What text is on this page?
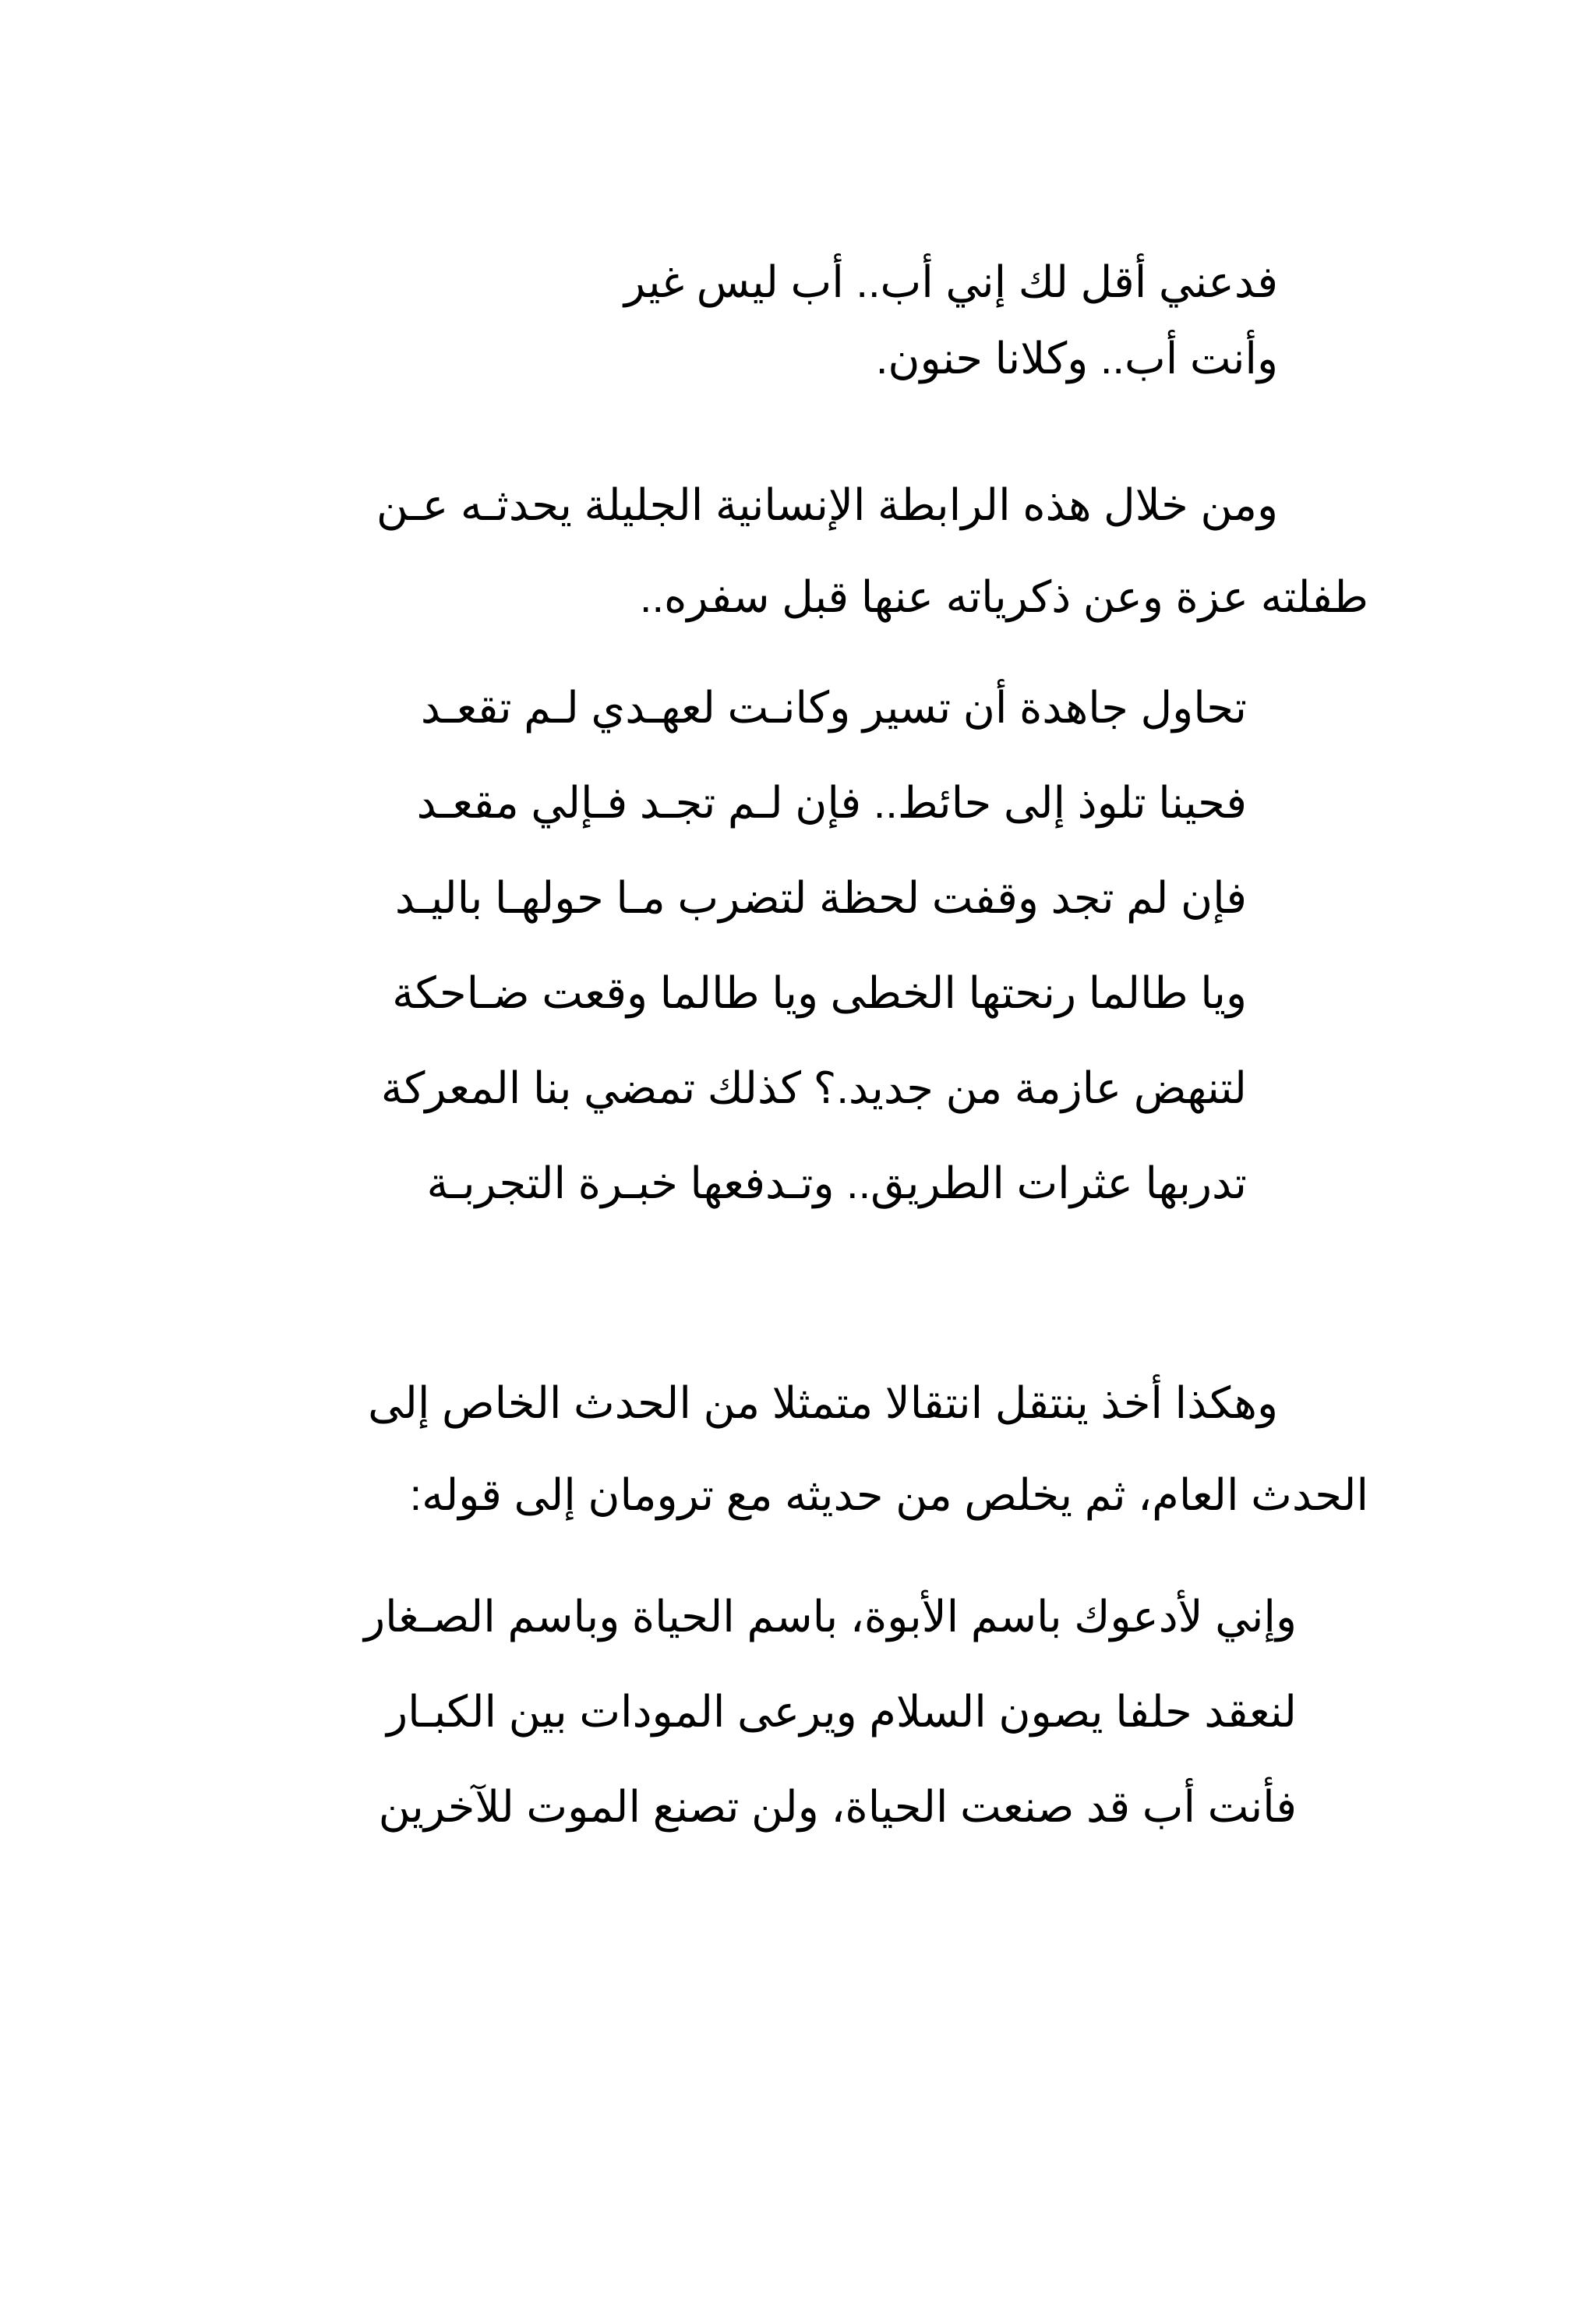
فدعني أقل لك إني أب.. أب ليس غير
وأنت أب.. وكلانا حنون.
ومن خلال هذه الرابطة الإنسانية الجليلة يحدثـه عـن
طفلته عزة وعن ذكرياته عنها قبل سفره..
تحاول جاهدة أن تسير وكانـت لعهـدي لـم تقعـد
فحينا تلوذ إلى حائط.. فإن لـم تجـد فـإلي مقعـد
فإن لم تجد وقفت لحظة لتضرب مـا حولهـا باليـد
ويا طالما رنحتها الخطى ويا طالما وقعت ضـاحكة
لتنهض عازمة من جديد.؟ كذلك تمضي بنا المعركة
تدربها عثرات الطريق.. وتـدفعها خبـرة التجربـة
وهكذا أخذ ينتقل انتقالا متمثلا من الحدث الخاص إلى
الحدث العام، ثم يخلص من حديثه مع ترومان إلى قوله:
وإني لأدعوك باسم الأبوة، باسم الحياة وباسم الصـغار
لنعقد حلفا يصون السلام ويرعى المودات بين الكبـار
فأنت أب قد صنعت الحياة، ولن تصنع الموت للآخرين
